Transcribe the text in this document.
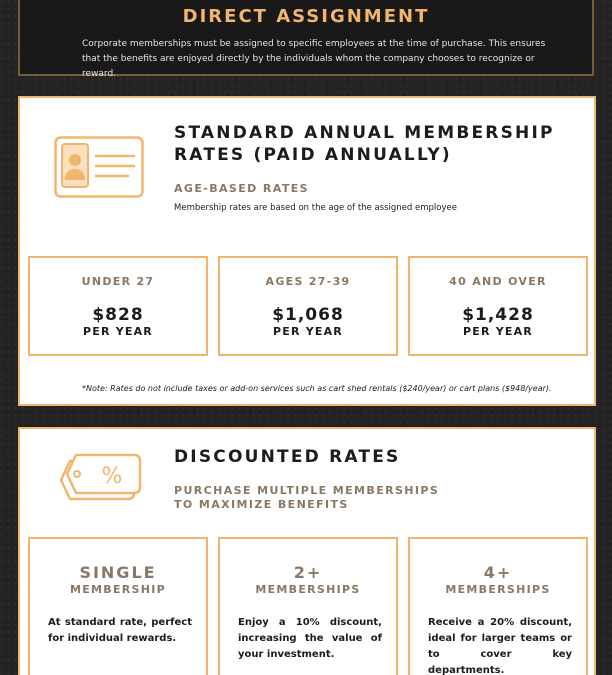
DIRECT ASSIGNMENT
Corporate memberships must be assigned to specific employees at the time of purchase. This ensures that the benefits are enjoyed directly by the individuals whom the company chooses to recognize or reward.
STANDARD ANNUAL MEMBERSHIP
RATES (PAID ANNUALLY)
AGE-BASED RATES
Membership rates are based on the age of the assigned employee
UNDER 27
$828
PER YEAR
AGES 27-39
$1,068
PER YEAR
40 AND OVER
$1,428
PER YEAR
*Note: Rates do not include taxes or add-on services such as cart shed rentals ($240/year) or cart plans ($948/year).
%
DISCOUNTED RATES
PURCHASE MULTIPLE MEMBERSHIPS
TO MAXIMIZE BENEFITS
SINGLE
MEMBERSHIP
At standard rate, perfect for individual rewards.
2+
MEMBERSHIPS
Enjoy a 10% discount, increasing the value of your investment.
4+
MEMBERSHIPS
Receive a 20% discount, ideal for larger teams or to cover key departments.
